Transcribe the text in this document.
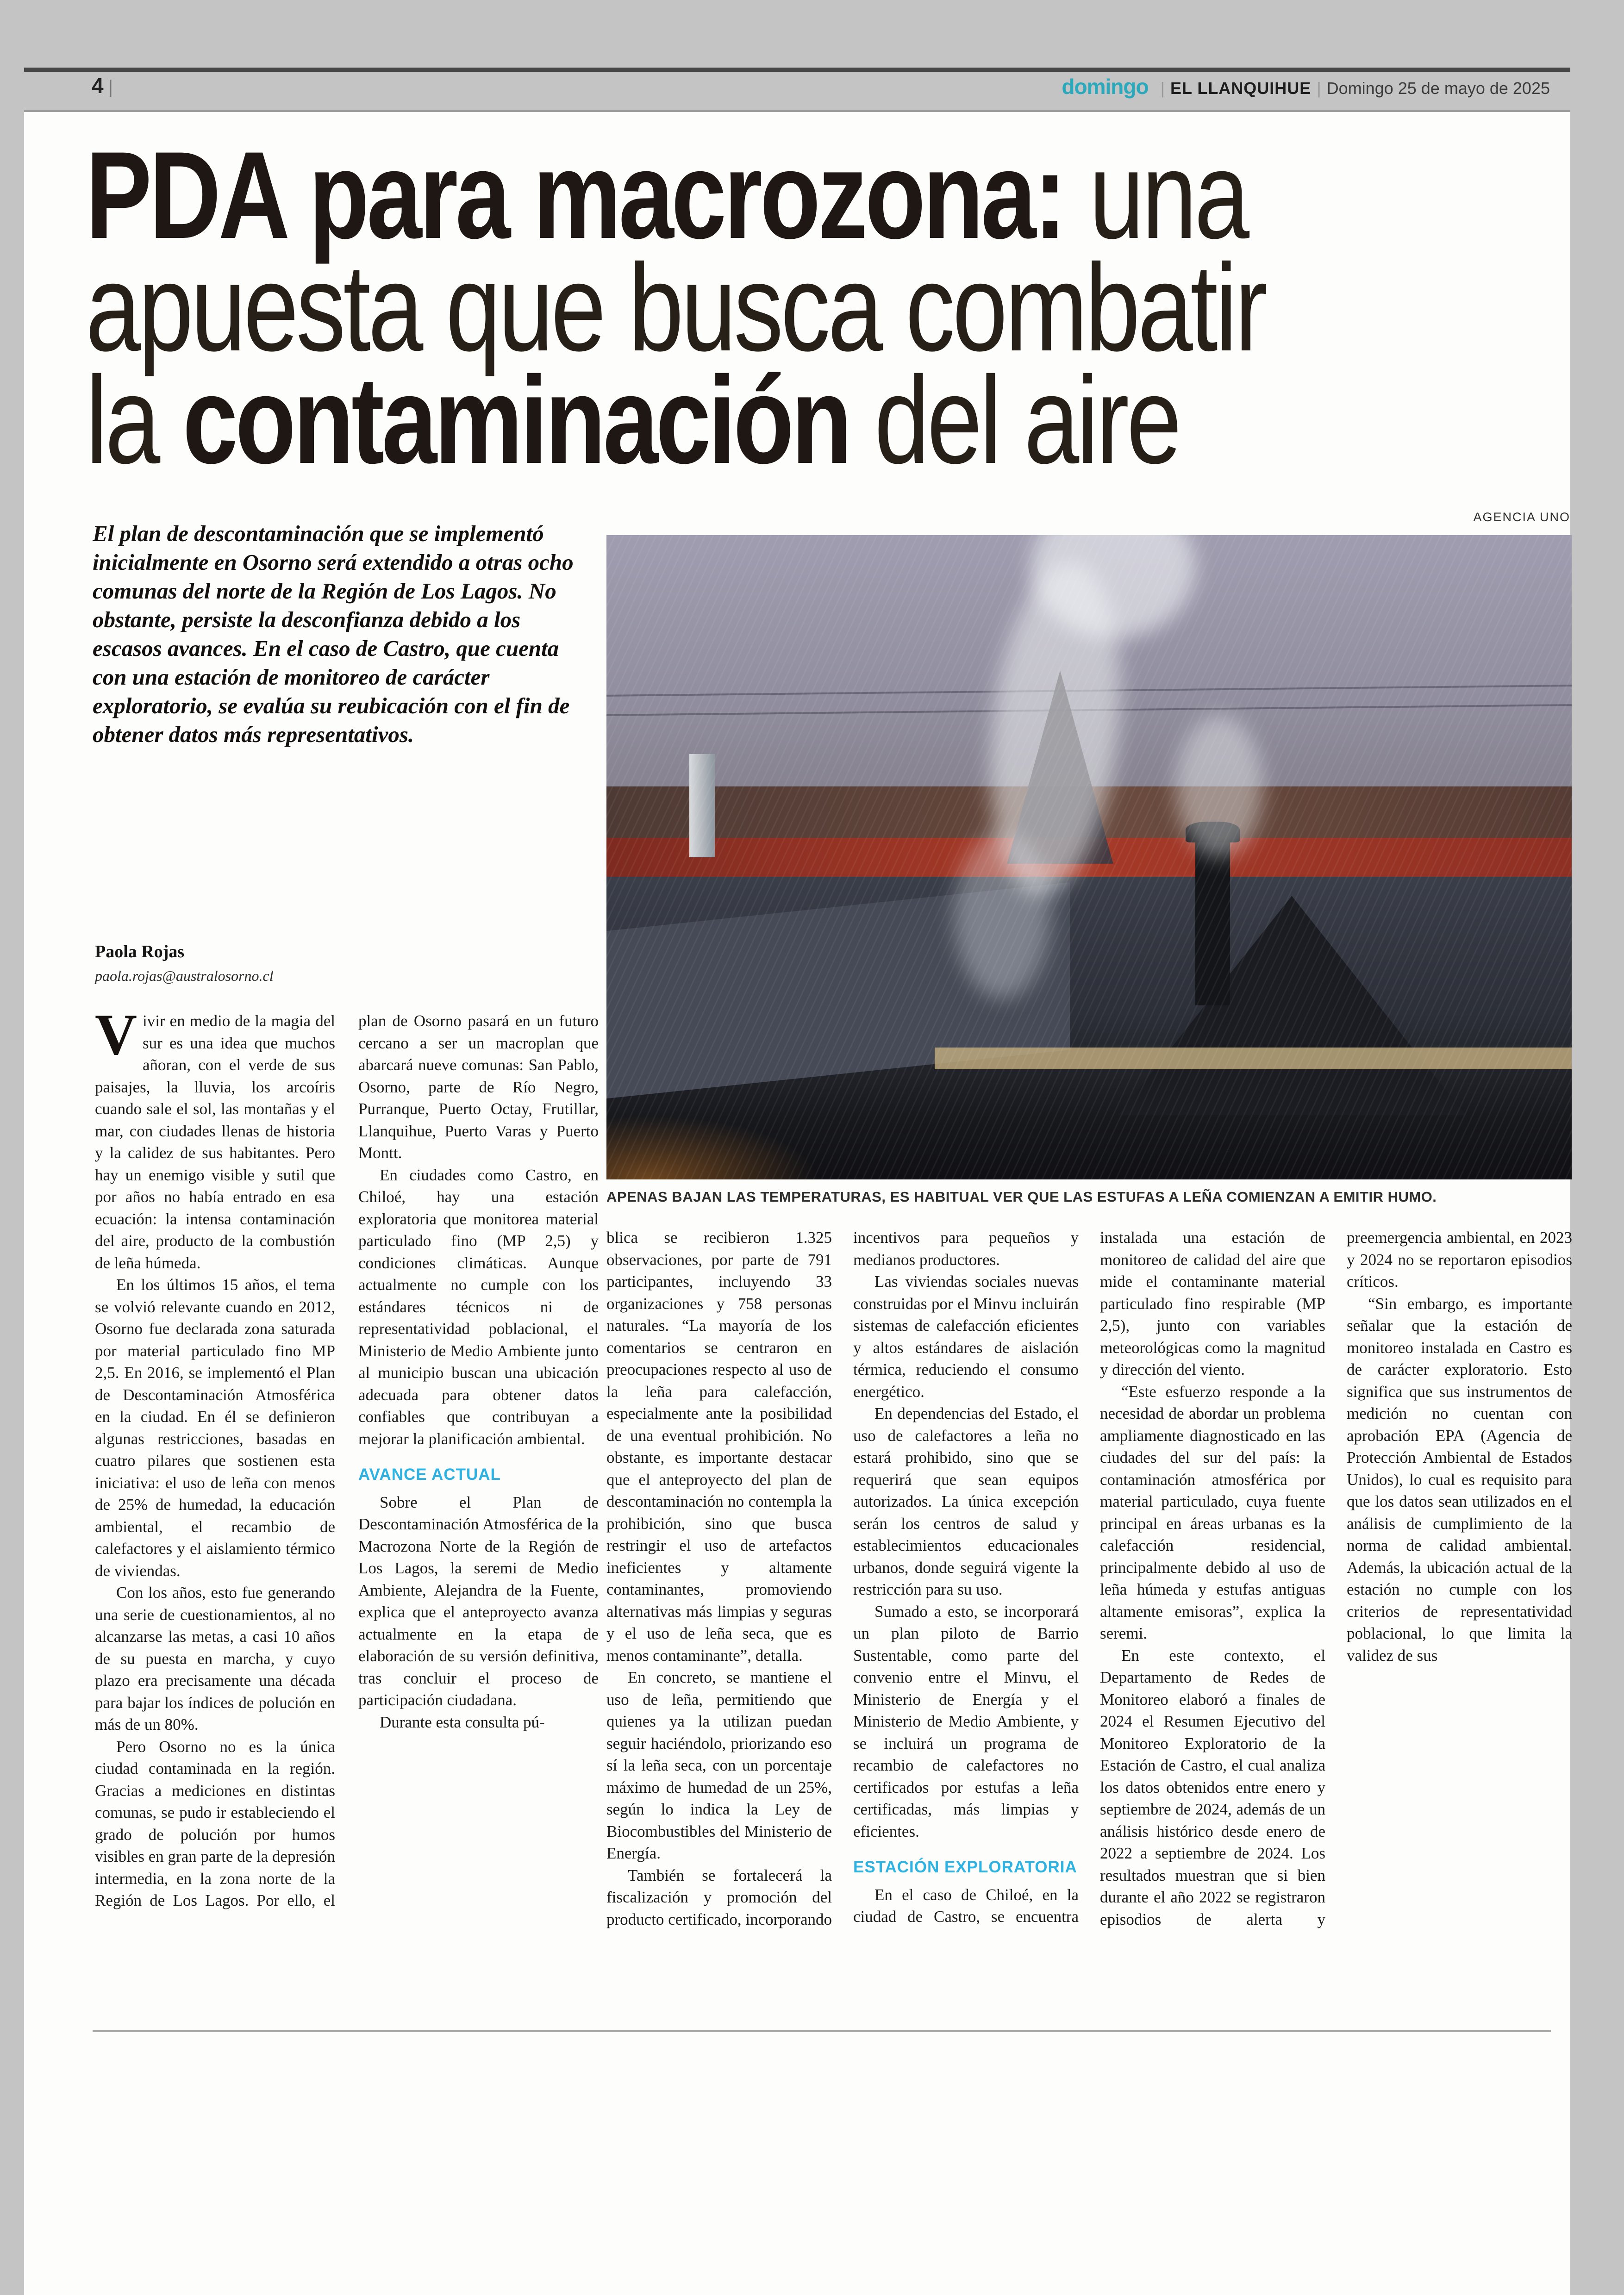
4 |	domingo | EL LLANQUIHUE | Domingo 25 de mayo de 2025
PDA para macrozona: una
apuesta que busca combatir
la contaminación del aire
El plan de descontaminación que se implementó inicialmente en Osorno será extendido a otras ocho comunas del norte de la Región de Los Lagos. No obstante, persiste la desconfianza debido a los escasos avances. En el caso de Castro, que cuenta con una estación de monitoreo de carácter exploratorio, se evalúa su reubicación con el fin de obtener datos más representativos.
AGENCIA UNO
APENAS BAJAN LAS TEMPERATURAS, ES HABITUAL VER QUE LAS ESTUFAS A LEÑA COMIENZAN A EMITIR HUMO.
Paola Rojas
paola.rojas@australosorno.cl

Vivir en medio de la magia del sur es una idea que muchos añoran, con el verde de sus paisajes, la lluvia, los arcoíris cuando sale el sol, las montañas y el mar, con ciudades llenas de historia y la calidez de sus habitantes. Pero hay un enemigo visible y sutil que por años no había entrado en esa ecuación: la intensa contaminación del aire, producto de la combustión de leña húmeda.

En los últimos 15 años, el tema se volvió relevante cuando en 2012, Osorno fue declarada zona saturada por material particulado fino MP 2,5. En 2016, se implementó el Plan de Descontaminación Atmosférica en la ciudad. En él se definieron algunas restricciones, basadas en cuatro pilares que sostienen esta iniciativa: el uso de leña con menos de 25% de humedad, la educación ambiental, el recambio de calefactores y el aislamiento térmico de viviendas.

Con los años, esto fue generando una serie de cuestionamientos, al no alcanzarse las metas, a casi 10 años de su puesta en marcha, y cuyo plazo era precisamente una década para bajar los índices de polución en más de un 80%.

Pero Osorno no es la única ciudad contaminada en la región. Gracias a mediciones en distintas comunas, se pudo ir estableciendo el grado de polución por humos visibles en gran parte de la depresión intermedia, en la zona norte de la Región de Los Lagos. Por ello, el plan de Osorno pasará en un futuro cercano a ser un macroplan que abarcará nueve comunas: San Pablo, Osorno, parte de Río Negro, Purranque, Puerto Octay, Frutillar, Llanquihue, Puerto Varas y Puerto Montt.

En ciudades como Castro, en Chiloé, hay una estación exploratoria que monitorea material particulado fino (MP 2,5) y condiciones climáticas. Aunque actualmente no cumple con los estándares técnicos ni de representatividad poblacional, el Ministerio de Medio Ambiente junto al municipio buscan una ubicación adecuada para obtener datos confiables que contribuyan a mejorar la planificación ambiental.

AVANCE ACTUAL

Sobre el Plan de Descontaminación Atmosférica de la Macrozona Norte de la Región de Los Lagos, la seremi de Medio Ambiente, Alejandra de la Fuente, explica que el anteproyecto avanza actualmente en la etapa de elaboración de su versión definitiva, tras concluir el proceso de participación ciudadana.

Durante esta consulta pú-

blica se recibieron 1.325 observaciones, por parte de 791 participantes, incluyendo 33 organizaciones y 758 personas naturales. “La mayoría de los comentarios se centraron en preocupaciones respecto al uso de la leña para calefacción, especialmente ante la posibilidad de una eventual prohibición. No obstante, es importante destacar que el anteproyecto del plan de descontaminación no contempla la prohibición, sino que busca restringir el uso de artefactos ineficientes y altamente contaminantes, promoviendo alternativas más limpias y seguras y el uso de leña seca, que es menos contaminante”, detalla.

En concreto, se mantiene el uso de leña, permitiendo que quienes ya la utilizan puedan seguir haciéndolo, priorizando eso sí la leña seca, con un porcentaje máximo de humedad de un 25%, según lo indica la Ley de Biocombustibles del Ministerio de Energía.

También se fortalecerá la fiscalización y promoción del producto certificado, incorporando incentivos para pequeños y medianos productores.

Las viviendas sociales nuevas construidas por el Minvu incluirán sistemas de calefacción eficientes y altos estándares de aislación térmica, reduciendo el consumo energético.

En dependencias del Estado, el uso de calefactores a leña no estará prohibido, sino que se requerirá que sean equipos autorizados. La única excepción serán los centros de salud y establecimientos educacionales urbanos, donde seguirá vigente la restricción para su uso.

Sumado a esto, se incorporará un plan piloto de Barrio Sustentable, como parte del convenio entre el Minvu, el Ministerio de Energía y el Ministerio de Medio Ambiente, y se incluirá un programa de recambio de calefactores no certificados por estufas a leña certificadas, más limpias y eficientes.

ESTACIÓN EXPLORATORIA

En el caso de Chiloé, en la ciudad de Castro, se encuentra instalada una estación de monitoreo de calidad del aire que mide el contaminante material particulado fino respirable (MP 2,5), junto con variables meteorológicas como la magnitud y dirección del viento.

“Este esfuerzo responde a la necesidad de abordar un problema ampliamente diagnosticado en las ciudades del sur del país: la contaminación atmosférica por material particulado, cuya fuente principal en áreas urbanas es la calefacción residencial, principalmente debido al uso de leña húmeda y estufas antiguas altamente emisoras”, explica la seremi.

En este contexto, el Departamento de Redes de Monitoreo elaboró a finales de 2024 el Resumen Ejecutivo del Monitoreo Exploratorio de la Estación de Castro, el cual analiza los datos obtenidos entre enero y septiembre de 2024, además de un análisis histórico desde enero de 2022 a septiembre de 2024. Los resultados muestran que si bien durante el año 2022 se registraron episodios de alerta y preemergencia ambiental, en 2023 y 2024 no se reportaron episodios críticos.

“Sin embargo, es importante señalar que la estación de monitoreo instalada en Castro es de carácter exploratorio. Esto significa que sus instrumentos de medición no cuentan con aprobación EPA (Agencia de Protección Ambiental de Estados Unidos), lo cual es requisito para que los datos sean utilizados en el análisis de cumplimiento de la norma de calidad ambiental. Además, la ubicación actual de la estación no cumple con los criterios de representatividad poblacional, lo que limita la validez de sus
